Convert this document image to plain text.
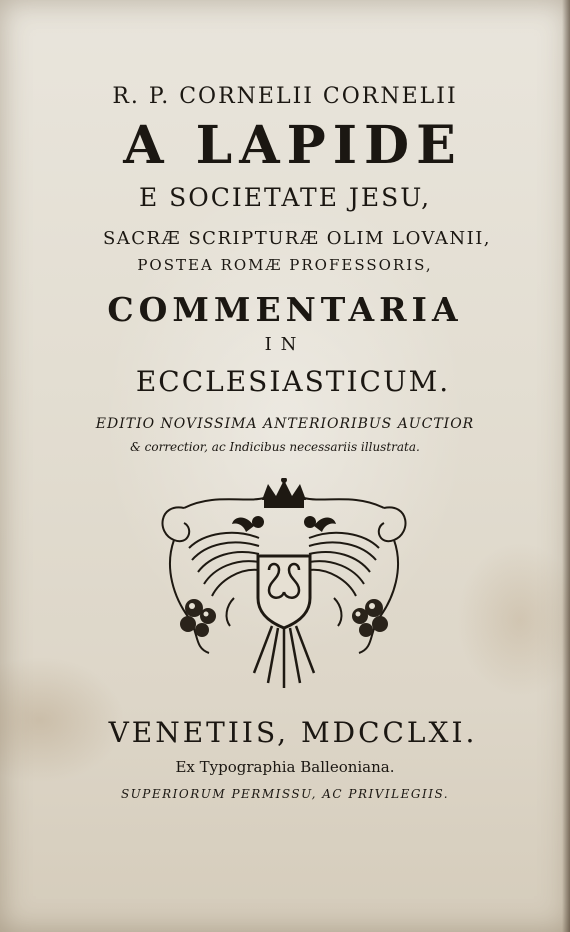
R. P. CORNELII CORNELII
A LAPIDE
E SOCIETATE JESU,
SACRÆ SCRIPTURÆ OLIM LOVANII,
POSTEA ROMÆ PROFESSORIS,
COMMENTARIA
IN
ECCLESIASTICUM.
EDITIO NOVISSIMA ANTERIORIBUS AUCTIOR
& correctior, ac Indicibus necessariis illustrata.
VENETIIS, MDCCLXI.
Ex Typographia Balleoniana.
SUPERIORUM PERMISSU, AC PRIVILEGIIS.
